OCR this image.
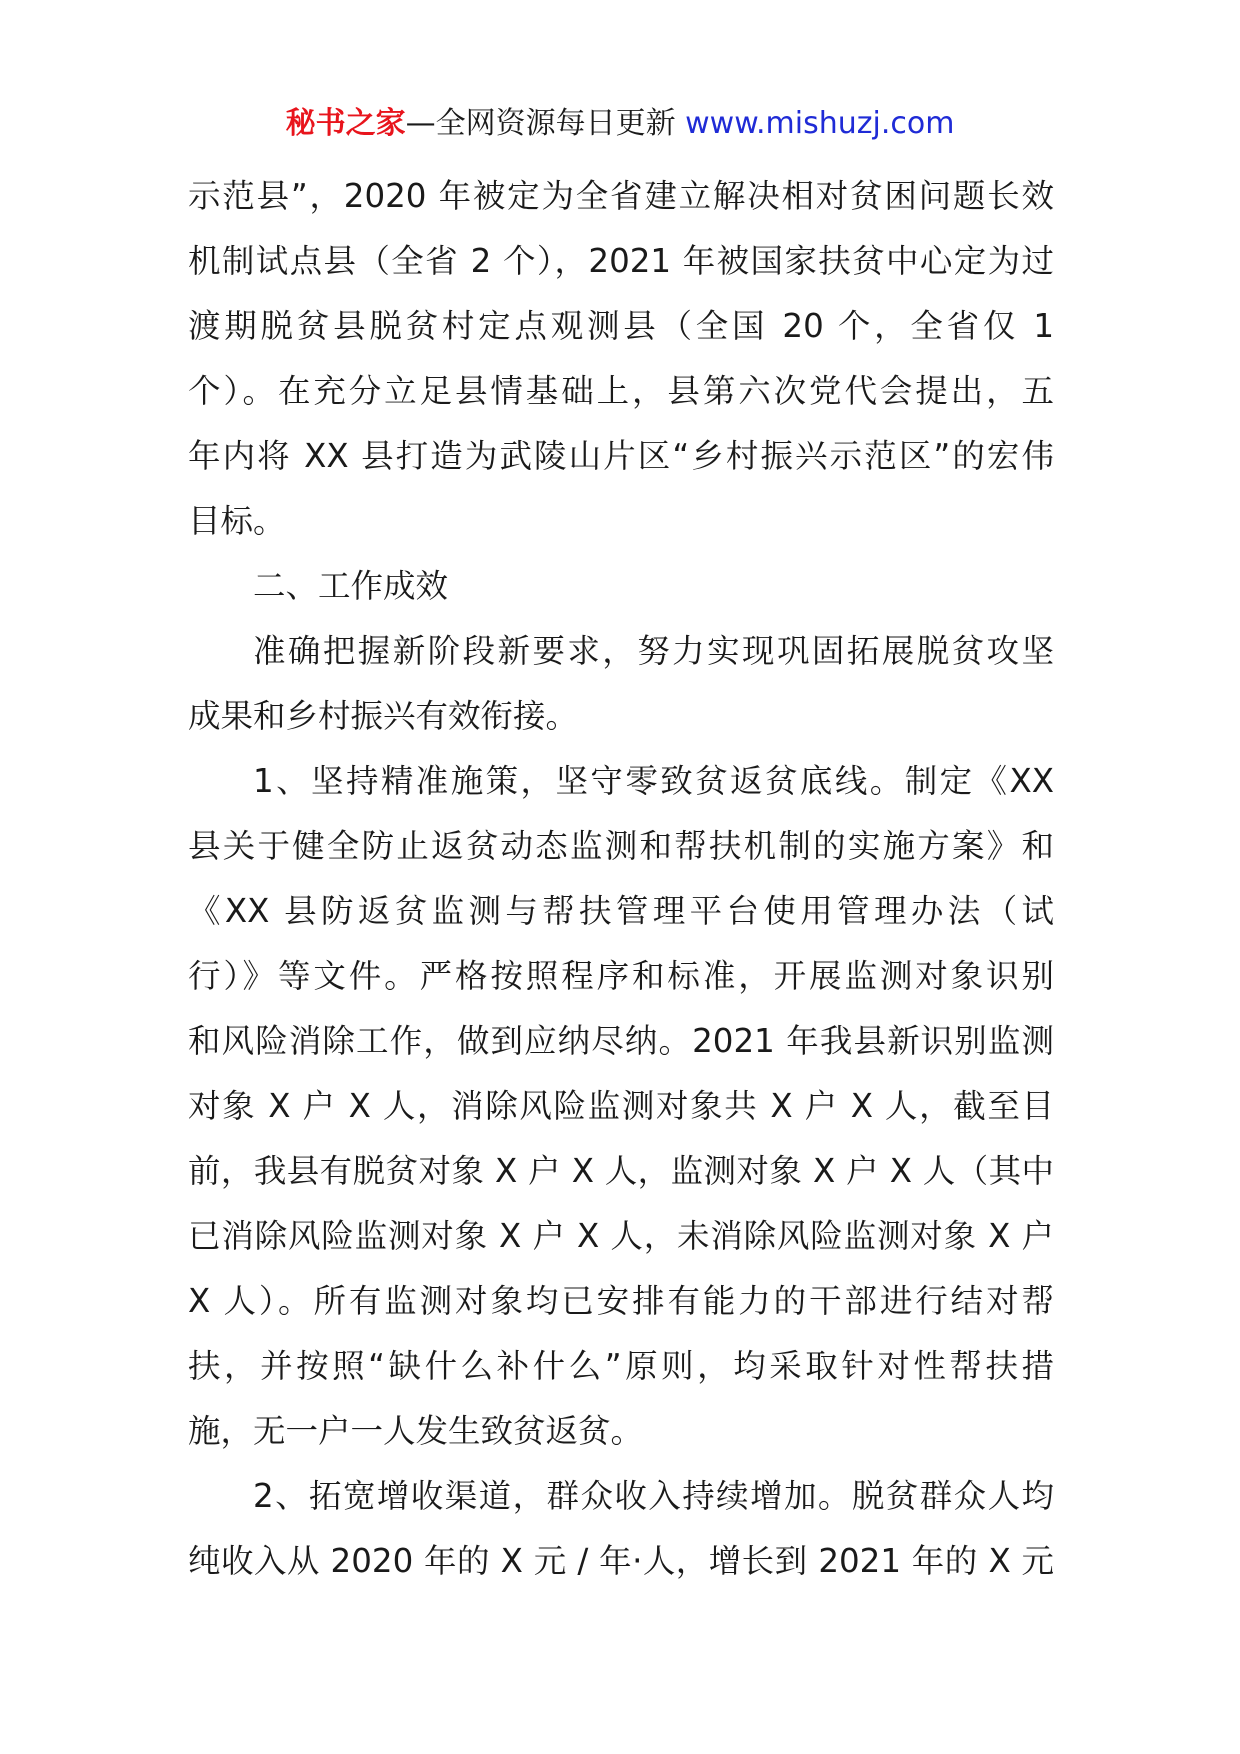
秘书之家—全网资源每日更新 www.mishuzj.com
示范县”，2020 年被定为全省建立解决相对贫困问题长效
机制试点县（全省 2 个），2021 年被国家扶贫中心定为过
渡期脱贫县脱贫村定点观测县（全国 20 个，全省仅 1
个）。在充分立足县情基础上，县第六次党代会提出，五
年内将 XX 县打造为武陵山片区“乡村振兴示范区”的宏伟
目标。
二、工作成效
准确把握新阶段新要求，努力实现巩固拓展脱贫攻坚
成果和乡村振兴有效衔接。
1、坚持精准施策，坚守零致贫返贫底线。制定《XX
县关于健全防止返贫动态监测和帮扶机制的实施方案》和
《XX 县防返贫监测与帮扶管理平台使用管理办法（试
行）》等文件。严格按照程序和标准，开展监测对象识别
和风险消除工作，做到应纳尽纳。2021 年我县新识别监测
对象 X 户 X 人，消除风险监测对象共 X 户 X 人，截至目
前，我县有脱贫对象 X 户 X 人，监测对象 X 户 X 人（其中
已消除风险监测对象 X 户 X 人，未消除风险监测对象 X 户
X 人）。所有监测对象均已安排有能力的干部进行结对帮
扶，并按照“缺什么补什么”原则，均采取针对性帮扶措
施，无一户一人发生致贫返贫。
2、拓宽增收渠道，群众收入持续增加。脱贫群众人均
纯收入从 2020 年的 X 元 / 年·人，增长到 2021 年的 X 元
